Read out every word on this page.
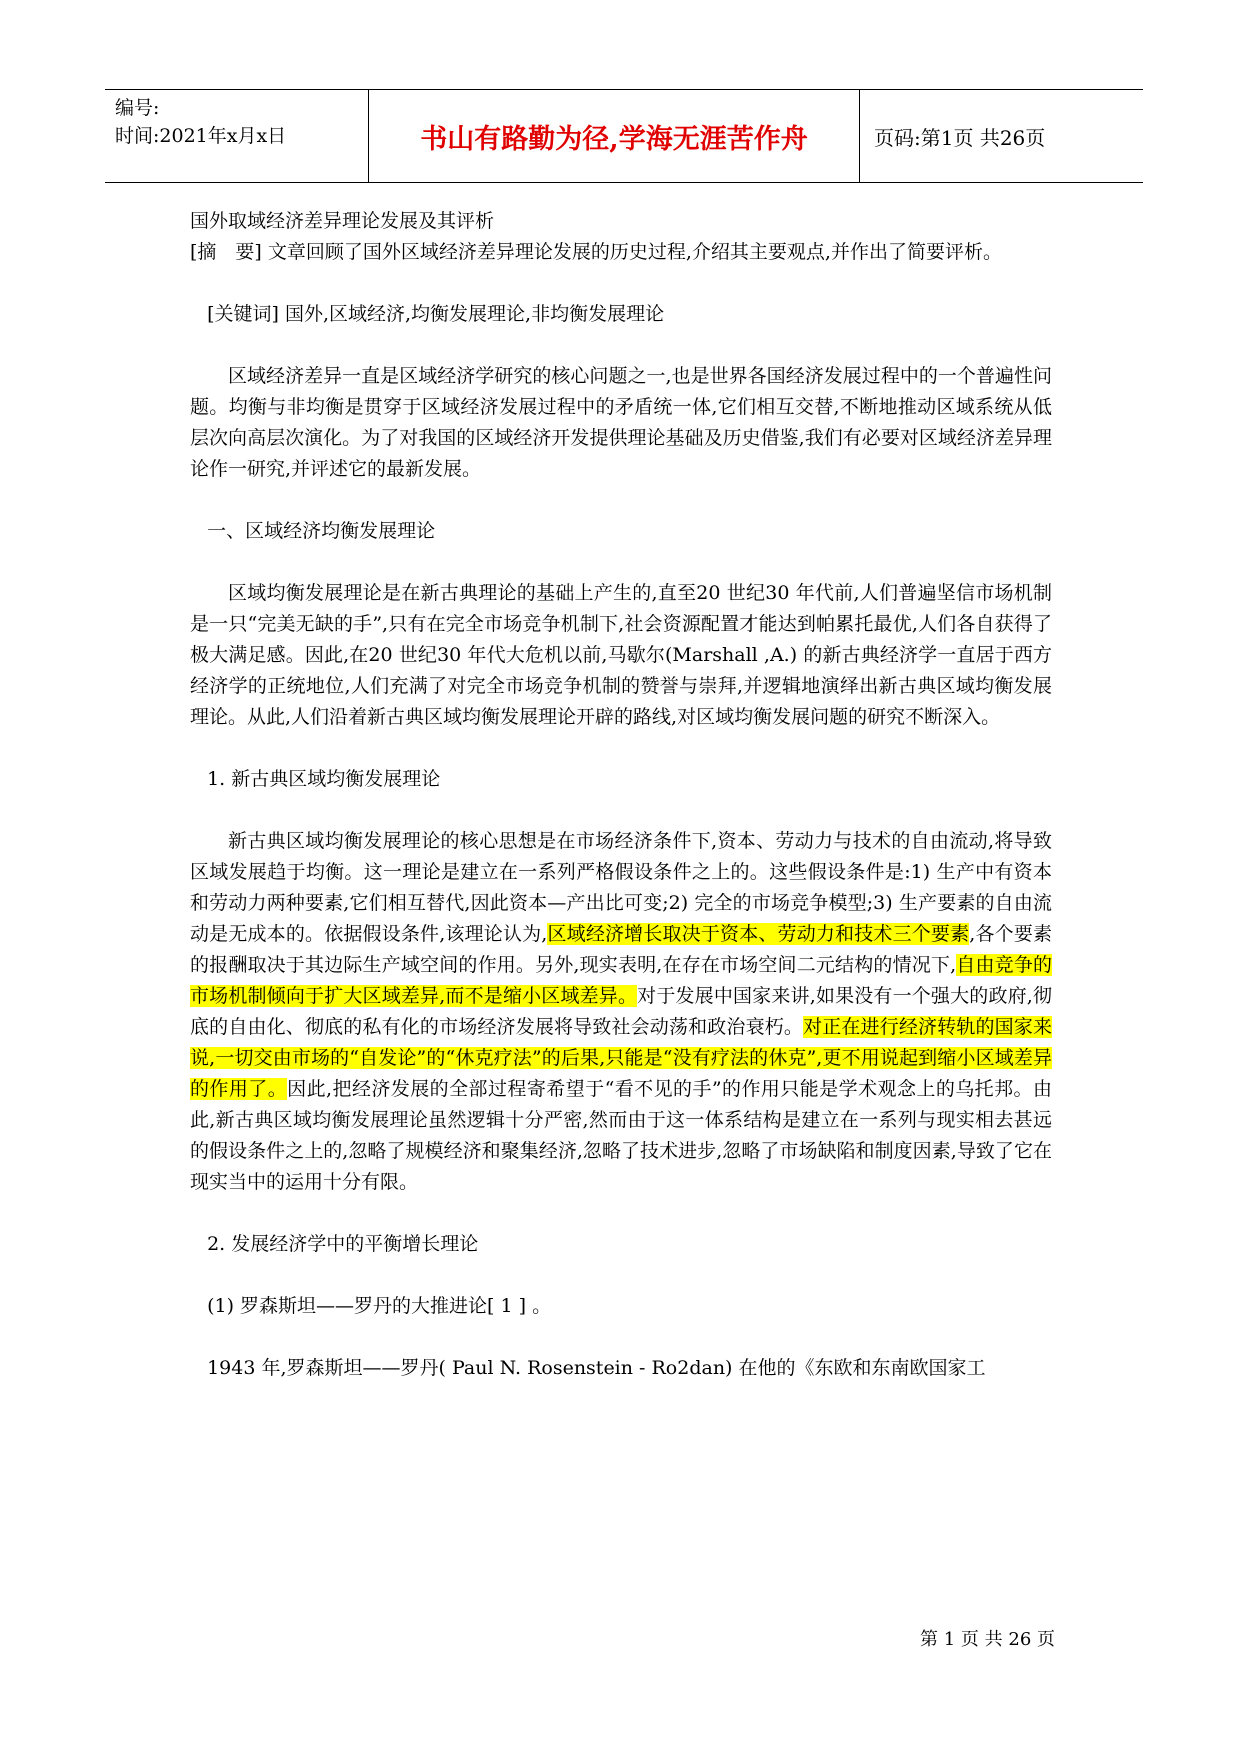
编号:
时间:2021年x月x日	书山有路勤为径,学海无涯苦作舟	页码:第1页 共26页

国外取域经济差异理论发展及其评析

[摘　要] 文章回顾了国外区域经济差异理论发展的历史过程,介绍其主要观点,并作出了简要评析。

[关键词] 国外,区域经济,均衡发展理论,非均衡发展理论

区域经济差异一直是区域经济学研究的核心问题之一,也是世界各国经济发展过程中的一个普遍性问题。均衡与非均衡是贯穿于区域经济发展过程中的矛盾统一体,它们相互交替,不断地推动区域系统从低层次向高层次演化。为了对我国的区域经济开发提供理论基础及历史借鉴,我们有必要对区域经济差异理论作一研究,并评述它的最新发展。

一、区域经济均衡发展理论

区域均衡发展理论是在新古典理论的基础上产生的,直至20 世纪30 年代前,人们普遍坚信市场机制是一只“完美无缺的手”,只有在完全市场竞争机制下,社会资源配置才能达到帕累托最优,人们各自获得了极大满足感。因此,在20 世纪30 年代大危机以前,马歇尔(Marshall ,A.) 的新古典经济学一直居于西方经济学的正统地位,人们充满了对完全市场竞争机制的赞誉与崇拜,并逻辑地演绎出新古典区域均衡发展理论。从此,人们沿着新古典区域均衡发展理论开辟的路线,对区域均衡发展问题的研究不断深入。

1. 新古典区域均衡发展理论

新古典区域均衡发展理论的核心思想是在市场经济条件下,资本、劳动力与技术的自由流动,将导致区域发展趋于均衡。这一理论是建立在一系列严格假设条件之上的。这些假设条件是:1) 生产中有资本和劳动力两种要素,它们相互替代,因此资本—产出比可变;2) 完全的市场竞争模型;3) 生产要素的自由流动是无成本的。依据假设条件,该理论认为,区域经济增长取决于资本、劳动力和技术三个要素,各个要素的报酬取决于其边际生产域空间的作用。另外,现实表明,在存在市场空间二元结构的情况下,自由竞争的市场机制倾向于扩大区域差异,而不是缩小区域差异。对于发展中国家来讲,如果没有一个强大的政府,彻底的自由化、彻底的私有化的市场经济发展将导致社会动荡和政治衰朽。对正在进行经济转轨的国家来说,一切交由市场的“自发论”的“休克疗法”的后果,只能是“没有疗法的休克”,更不用说起到缩小区域差异的作用了。因此,把经济发展的全部过程寄希望于“看不见的手”的作用只能是学术观念上的乌托邦。由此,新古典区域均衡发展理论虽然逻辑十分严密,然而由于这一体系结构是建立在一系列与现实相去甚远的假设条件之上的,忽略了规模经济和聚集经济,忽略了技术进步,忽略了市场缺陷和制度因素,导致了它在现实当中的运用十分有限。

2. 发展经济学中的平衡增长理论

(1) 罗森斯坦——罗丹的大推进论[ 1 ] 。

1943 年,罗森斯坦——罗丹( Paul N. Rosenstein - Ro2dan) 在他的《东欧和东南欧国家工

第 1 页 共 26 页
